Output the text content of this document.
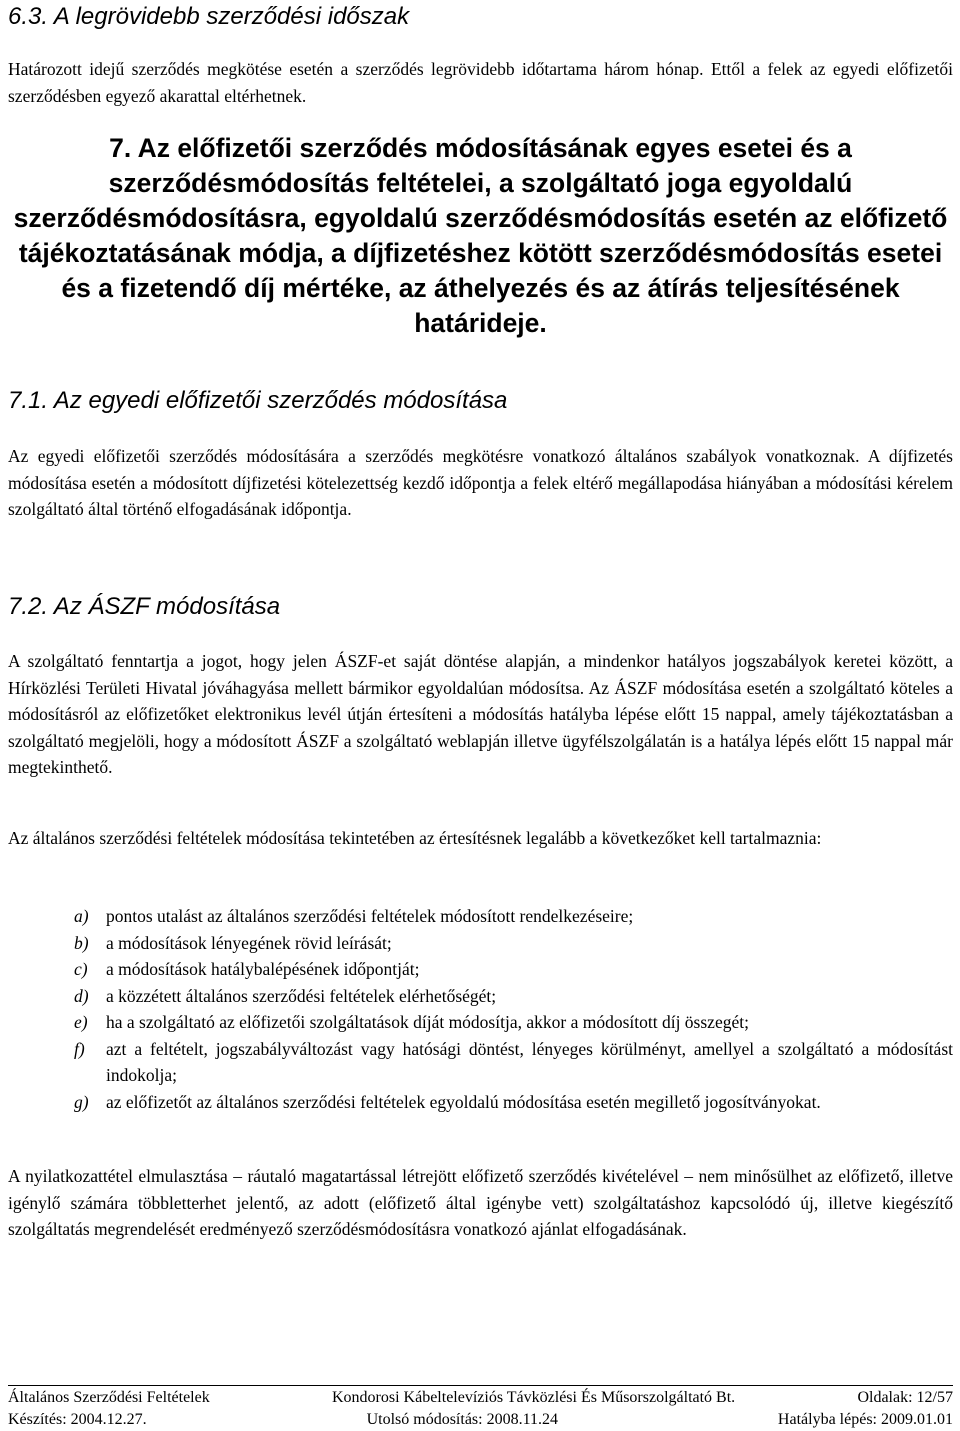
6.3. A legrövidebb szerződési időszak

Határozott idejű szerződés megkötése esetén a szerződés legrövidebb időtartama három hónap. Ettől a felek az egyedi előfizetői szerződésben egyező akarattal eltérhetnek.

7. Az előfizetői szerződés módosításának egyes esetei és a szerződésmódosítás feltételei, a szolgáltató joga egyoldalú szerződésmódosításra, egyoldalú szerződésmódosítás esetén az előfizető tájékoztatásának módja, a díjfizetéshez kötött szerződésmódosítás esetei és a fizetendő díj mértéke, az áthelyezés és az átírás teljesítésének határideje.
7.1. Az egyedi előfizetői szerződés módosítása

Az egyedi előfizetői szerződés módosítására a szerződés megkötésre vonatkozó általános szabályok vonatkoznak. A díjfizetés módosítása esetén a módosított díjfizetési kötelezettség kezdő időpontja a felek eltérő megállapodása hiányában a módosítási kérelem szolgáltató által történő elfogadásának időpontja.

7.2. Az ÁSZF módosítása

A szolgáltató fenntartja a jogot, hogy jelen ÁSZF-et saját döntése alapján, a mindenkor hatályos jogszabályok keretei között, a Hírközlési Területi Hivatal jóváhagyása mellett bármikor egyoldalúan módosítsa. Az ÁSZF módosítása esetén a szolgáltató köteles a módosításról az előfizetőket elektronikus levél útján értesíteni a módosítás hatályba lépése előtt 15 nappal, amely tájékoztatásban a szolgáltató megjelöli, hogy a módosított ÁSZF a szolgáltató weblapján illetve ügyfélszolgálatán is a hatálya lépés előtt 15 nappal már megtekinthető.

Az általános szerződési feltételek módosítása tekintetében az értesítésnek legalább a következőket kell tartalmaznia:

a) pontos utalást az általános szerződési feltételek módosított rendelkezéseire;
b) a módosítások lényegének rövid leírását;
c) a módosítások hatálybalépésének időpontját;
d) a közzétett általános szerződési feltételek elérhetőségét;
e) ha a szolgáltató az előfizetői szolgáltatások díját módosítja, akkor a módosított díj összegét;
f) azt a feltételt, jogszabályváltozást vagy hatósági döntést, lényeges körülményt, amellyel a szolgáltató a módosítást indokolja;
g) az előfizetőt az általános szerződési feltételek egyoldalú módosítása esetén megillető jogosítványokat.

A nyilatkozattétel elmulasztása – ráutaló magatartással létrejött előfizető szerződés kivételével – nem minősülhet az előfizető, illetve igénylő számára többletterhet jelentő, az adott (előfizető által igénybe vett) szolgáltatáshoz kapcsolódó új, illetve kiegészítő szolgáltatás megrendelését eredményező szerződésmódosításra vonatkozó ajánlat elfogadásának.

Általános Szerződési Feltételek	Kondorosi Kábeltelevíziós Távközlési És Műsorszolgáltató Bt.	Oldalak: 12/57
Készítés: 2004.12.27.	Utolsó módosítás: 2008.11.24	Hatályba lépés: 2009.01.01
